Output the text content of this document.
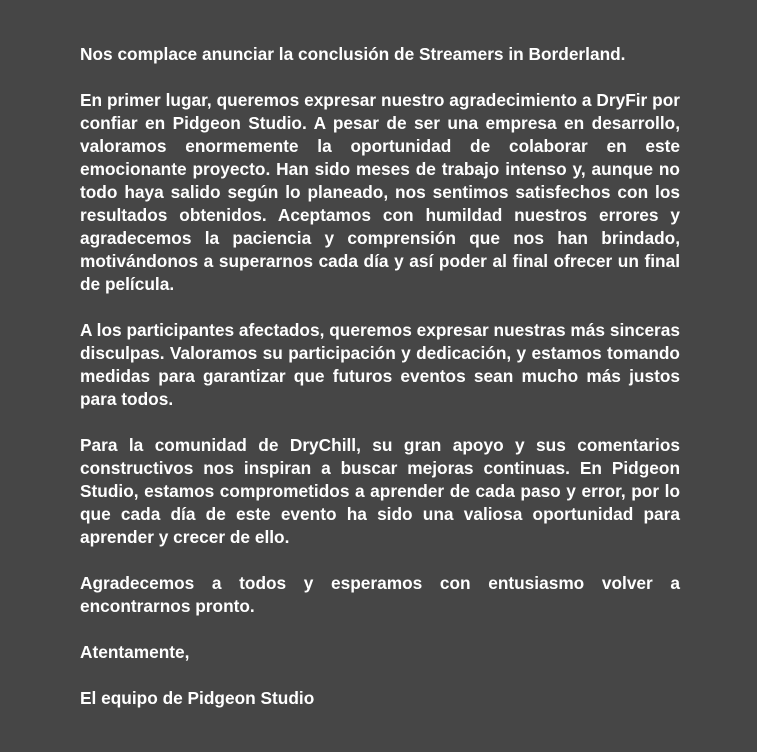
Nos complace anunciar la conclusión de Streamers in Borderland.

En primer lugar, queremos expresar nuestro agradecimiento a DryFir por confiar en Pidgeon Studio. A pesar de ser una empresa en desarrollo, valoramos enormemente la oportunidad de colaborar en este emocionante proyecto. Han sido meses de trabajo intenso y, aunque no todo haya salido según lo planeado, nos sentimos satisfechos con los resultados obtenidos. Aceptamos con humildad nuestros errores y agradecemos la paciencia y comprensión que nos han brindado, motivándonos a superarnos cada día y así poder al final ofrecer un final de película.

A los participantes afectados, queremos expresar nuestras más sinceras disculpas. Valoramos su participación y dedicación, y estamos tomando medidas para garantizar que futuros eventos sean mucho más justos para todos.

Para la comunidad de DryChill, su gran apoyo y sus comentarios constructivos nos inspiran a buscar mejoras continuas. En Pidgeon Studio, estamos comprometidos a aprender de cada paso y error, por lo que cada día de este evento ha sido una valiosa oportunidad para aprender y crecer de ello.

Agradecemos a todos y esperamos con entusiasmo volver a encontrarnos pronto.

Atentamente,

El equipo de Pidgeon Studio
